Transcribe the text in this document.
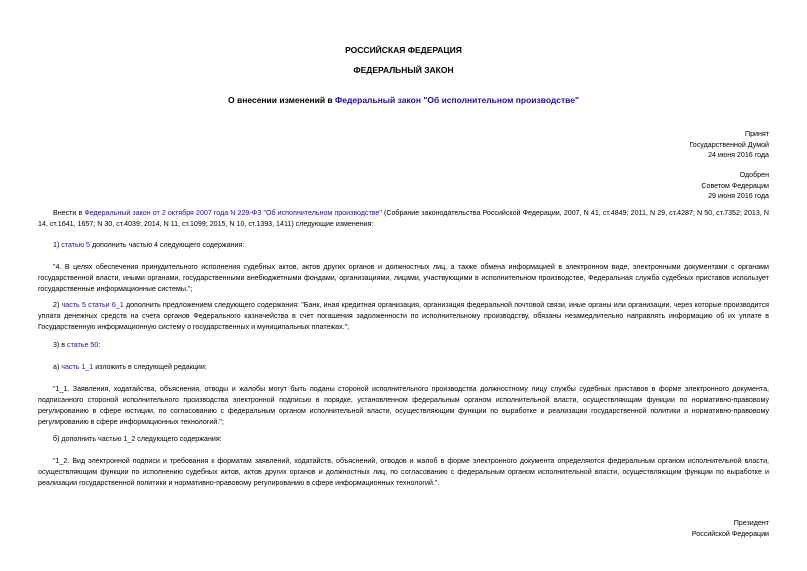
РОССИЙСКАЯ ФЕДЕРАЦИЯ
ФЕДЕРАЛЬНЫЙ ЗАКОН
О внесении изменений в Федеральный закон "Об исполнительном производстве"
Принят
Государственной Думой
24 июня 2016 года
Одобрен
Советом Федерации
29 июня 2016 года
Внести в Федеральный закон от 2 октября 2007 года N 229-ФЗ "Об исполнительном производстве" (Собрание законодательства Российской Федерации, 2007, N 41, ст.4849; 2011, N 29, ст.4287; N 50, ст.7352; 2013, N 14, ст.1641, 1657; N 30, ст.4039; 2014, N 11, ст.1099; 2015, N 10, ст.1393, 1411) следующие изменения:
1) статью 5 дополнить частью 4 следующего содержания:
"4. В целях обеспечения принудительного исполнения судебных актов, актов других органов и должностных лиц, а также обмена информацией в электронном виде, электронными документами с органами государственной власти, иными органами, государственными внебюджетными фондами, организациями, лицами, участвующими в исполнительном производстве, Федеральная служба судебных приставов использует государственные информационные системы.";
2) часть 5 статьи 6_1 дополнить предложением следующего содержания: "Банк, иная кредитная организация, организация федеральной почтовой связи, иные органы или организации, через которые производится уплата денежных средств на счета органов Федерального казначейства в счет погашения задолженности по исполнительному производству, обязаны незамедлительно направлять информацию об их уплате в Государственную информационную систему о государственных и муниципальных платежах.";
3) в статье 50:
а) часть 1_1 изложить в следующей редакции:
"1_1. Заявления, ходатайства, объяснения, отводы и жалобы могут быть поданы стороной исполнительного производства должностному лицу службы судебных приставов в форме электронного документа, подписанного стороной исполнительного производства электронной подписью в порядке, установленном федеральным органом исполнительной власти, осуществляющим функции по нормативно-правовому регулированию в сфере юстиции, по согласованию с федеральным органом исполнительной власти, осуществляющим функции по выработке и реализации государственной политики и нормативно-правовому регулированию в сфере информационных технологий.";
б) дополнить частью 1_2 следующего содержания:
"1_2. Вид электронной подписи и требования к форматам заявлений, ходатайств, объяснений, отводов и жалоб в форме электронного документа определяются федеральным органом исполнительной власти, осуществляющим функции по исполнению судебных актов, актов других органов и должностных лиц, по согласованию с федеральным органом исполнительной власти, осуществляющим функции по выработке и реализации государственной политики и нормативно-правовому регулированию в сфере информационных технологий.".
Президент
Российской Федерации
